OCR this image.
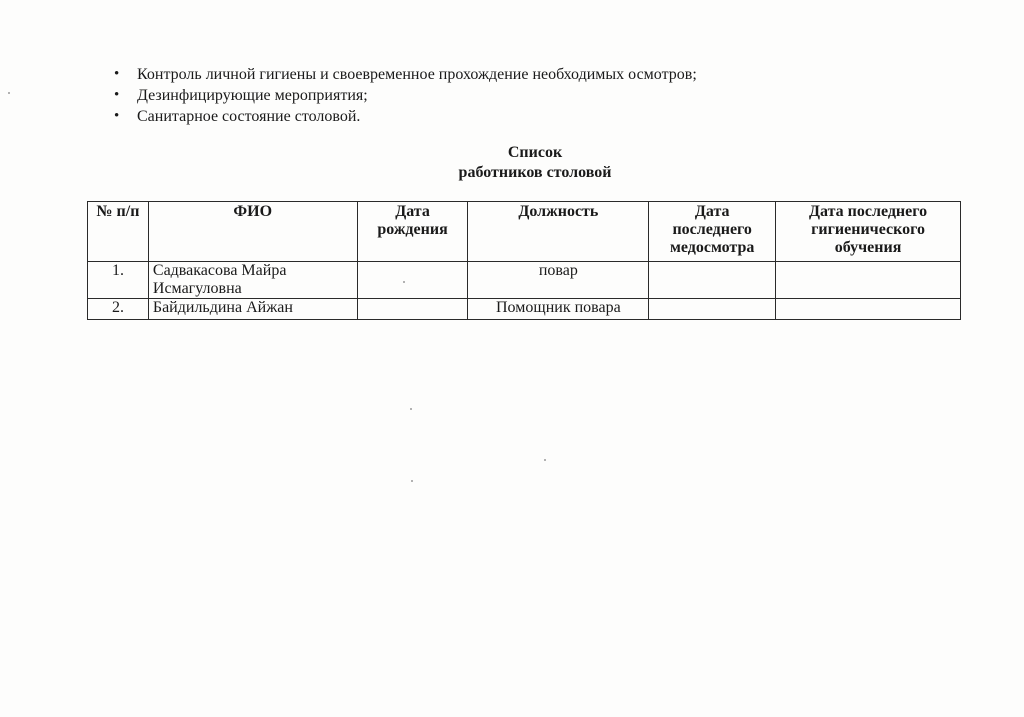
• Контроль личной гигиены и своевременное прохождение необходимых осмотров;
• Дезинфицирующие мероприятия;
• Санитарное состояние столовой.
Список
работников столовой
№ п/п	ФИО	Дата рождения	Должность	Дата последнего медосмотра	Дата последнего гигиенического обучения
1.	Садвакасова Майра Исмагуловна		повар		
2.	Байдильдина Айжан		Помощник повара		
